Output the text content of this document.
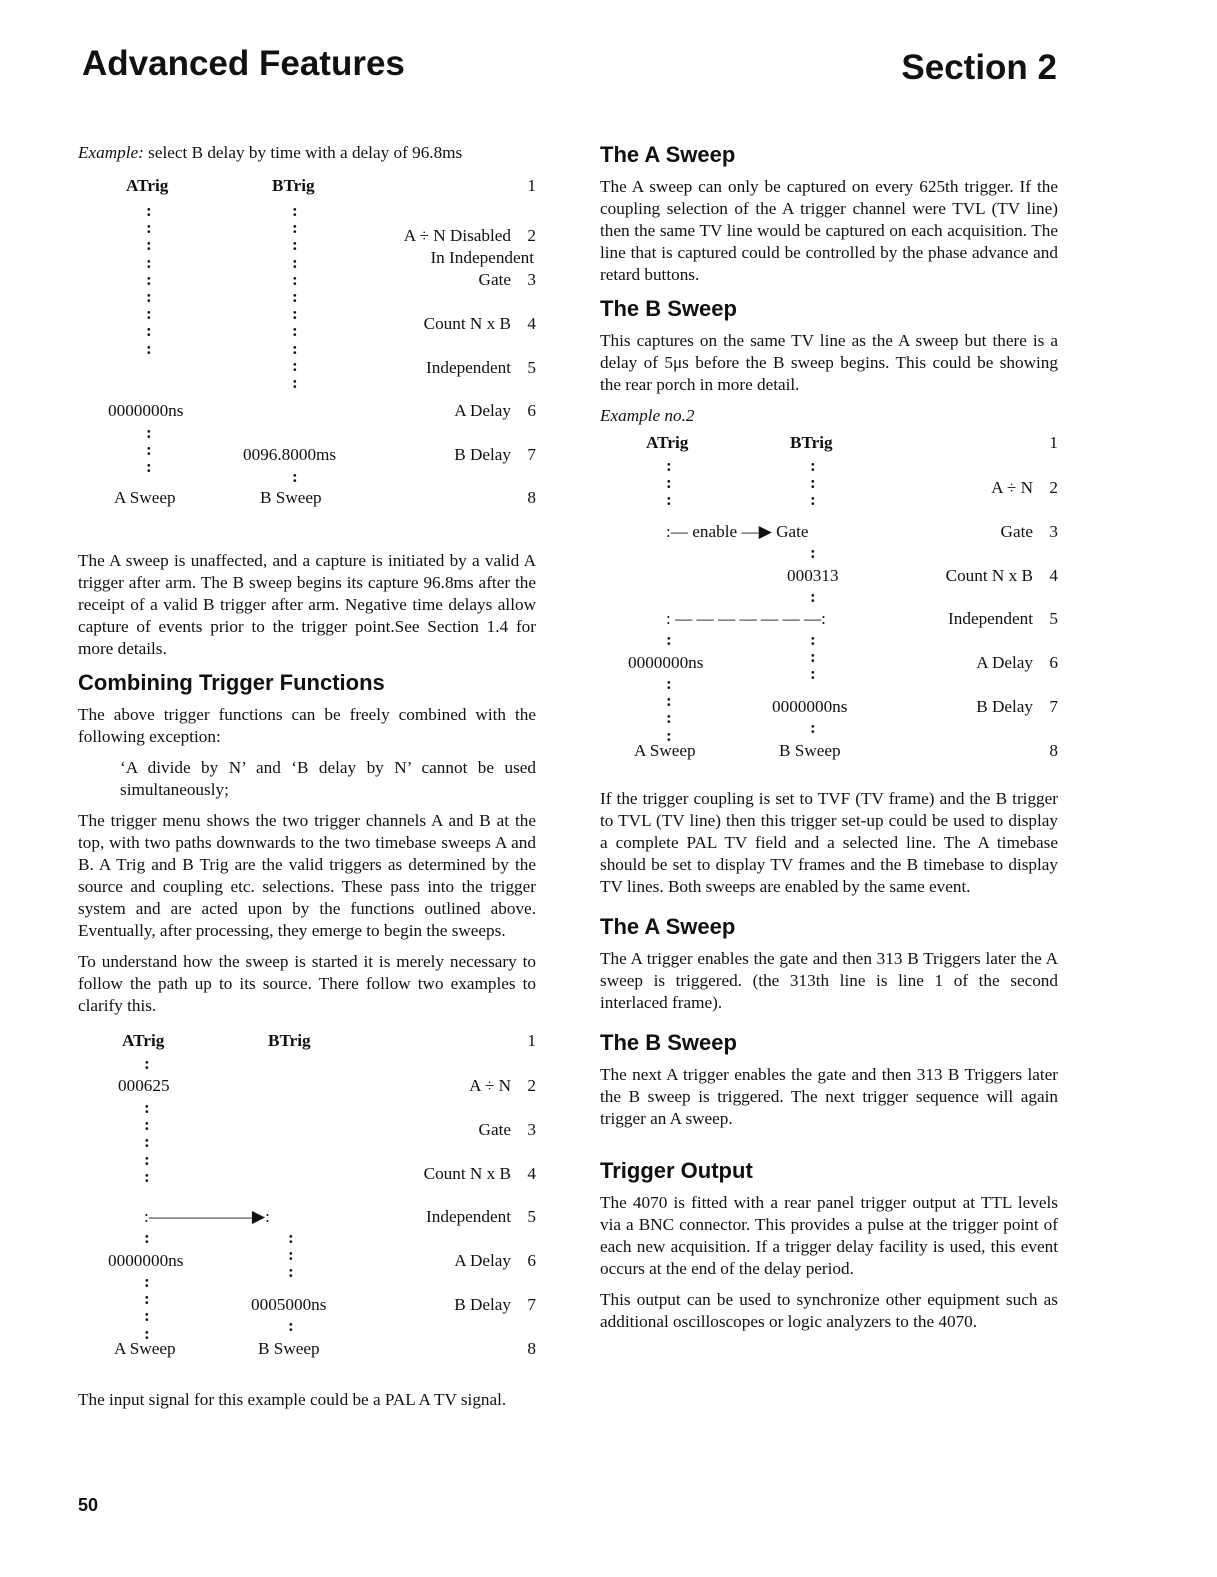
Advanced Features	Section 2
Example: select B delay by time with a delay of 96.8ms
ATrig	BTrig	1
:
:
:
:
:
:
:
:
:
:
:
:
:
:
:
:
:
:
:
:
A ÷ N Disabled 2
In Independent
Gate 3
Count N x B 4
Independent 5
0000000ns	A Delay 6
:
:
:
0096.8000ms	B Delay 7
:
A Sweep	B Sweep	8

The A sweep is unaffected, and a capture is initiated by a valid A trigger after arm. The B sweep begins its capture 96.8ms after the receipt of a valid B trigger after arm. Negative time delays allow capture of events prior to the trigger point.See Section 1.4 for more details.

Combining Trigger Functions

The above trigger functions can be freely combined with the following exception:

‘A divide by N’ and ‘B delay by N’ cannot be used simultaneously;

The trigger menu shows the two trigger channels A and B at the top, with two paths downwards to the two timebase sweeps A and B. A Trig and B Trig are the valid triggers as determined by the source and coupling etc. selections. These pass into the trigger system and are acted upon by the functions outlined above. Eventually, after processing, they emerge to begin the sweeps.

To understand how the sweep is started it is merely necessary to follow the path up to its source. There follow two examples to clarify this.

ATrig	BTrig	1
:
000625	A ÷ N 2
:
:
:
:
:
Gate 3
Count N x B 4
:——————▶:	Independent 5
:	:
:
:
0000000ns	A Delay 6
:
:
:
:
0005000ns	B Delay 7
:
A Sweep	B Sweep	8

The input signal for this example could be a PAL A TV signal.

The A Sweep

The A sweep can only be captured on every 625th trigger. If the coupling selection of the A trigger channel were TVL (TV line) then the same TV line would be captured on each acquisition. The line that is captured could be controlled by the phase advance and retard buttons.

The B Sweep

This captures on the same TV line as the A sweep but there is a delay of 5μs before the B sweep begins. This could be showing the rear porch in more detail.

Example no.2

ATrig	BTrig	1
:
:
:
:
:
:
A ÷ N 2
:— enable —▶ Gate	Gate 3
:
000313	Count N x B 4
:
: — — — — — — —:	Independent 5
:	:
:
:
0000000ns	A Delay 6
:
:
:
:
0000000ns	B Delay 7
:
A Sweep	B Sweep	8

If the trigger coupling is set to TVF (TV frame) and the B trigger to TVL (TV line) then this trigger set-up could be used to display a complete PAL TV field and a selected line. The A timebase should be set to display TV frames and the B timebase to display TV lines. Both sweeps are enabled by the same event.

The A Sweep

The A trigger enables the gate and then 313 B Triggers later the A sweep is triggered. (the 313th line is line 1 of the second interlaced frame).

The B Sweep

The next A trigger enables the gate and then 313 B Triggers later the B sweep is triggered. The next trigger sequence will again trigger an A sweep.

Trigger Output

The 4070 is fitted with a rear panel trigger output at TTL levels via a BNC connector. This provides a pulse at the trigger point of each new acquisition. If a trigger delay facility is used, this event occurs at the end of the delay period.

This output can be used to synchronize other equipment such as additional oscilloscopes or logic analyzers to the 4070.

50
